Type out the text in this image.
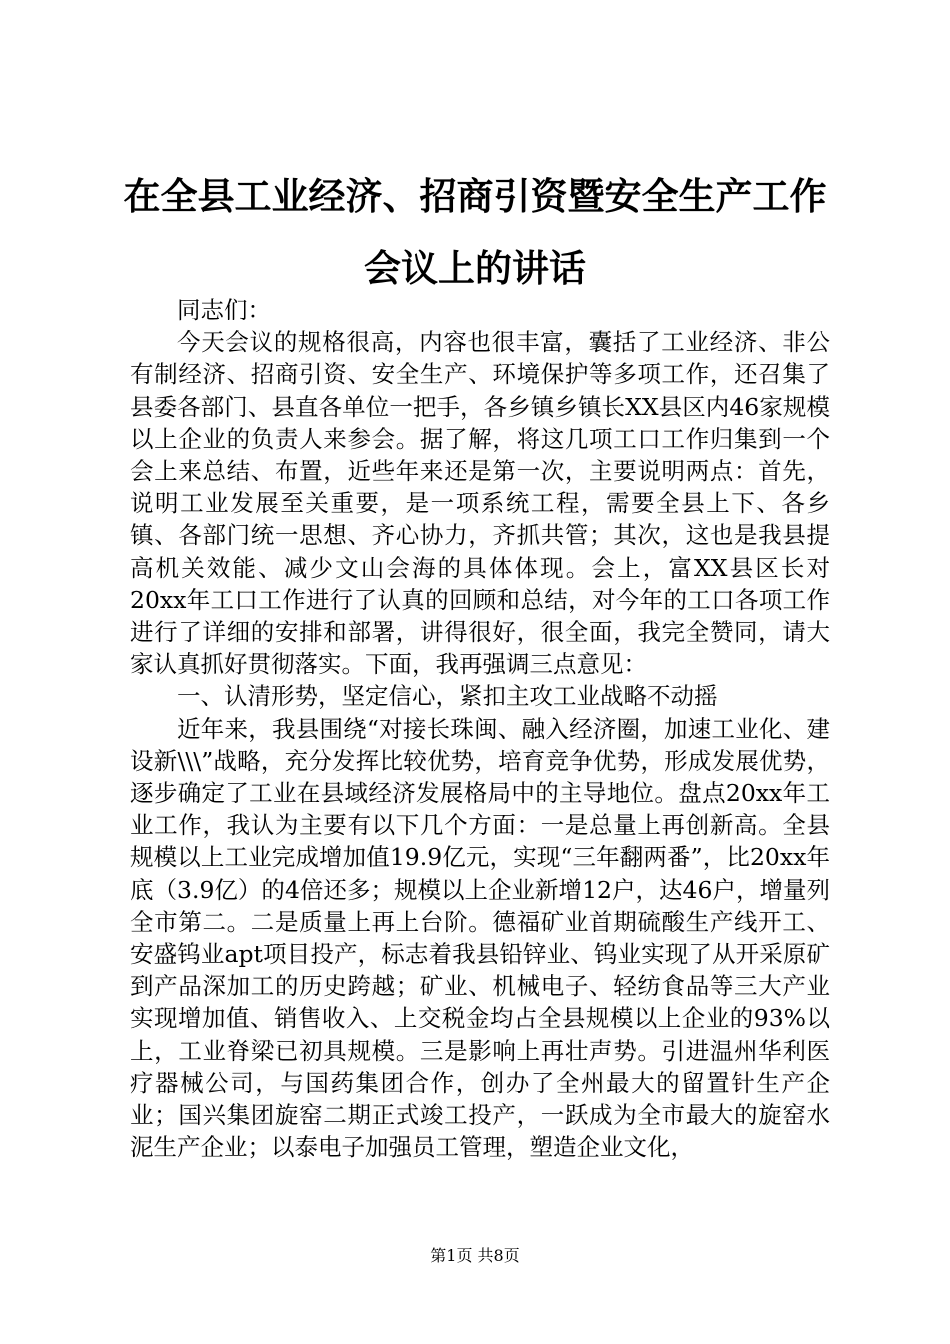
在全县工业经济、招商引资暨安全生产工作会议上的讲话

同志们：

今天会议的规格很高，内容也很丰富，囊括了工业经济、非公有制经济、招商引资、安全生产、环境保护等多项工作，还召集了县委各部门、县直各单位一把手，各乡镇乡镇长XX县区内46家规模以上企业的负责人来参会。据了解，将这几项工口工作归集到一个会上来总结、布置，近些年来还是第一次，主要说明两点：首先，说明工业发展至关重要，是一项系统工程，需要全县上下、各乡镇、各部门统一思想、齐心协力，齐抓共管；其次，这也是我县提高机关效能、减少文山会海的具体体现。会上，富XX县区长对20xx年工口工作进行了认真的回顾和总结，对今年的工口各项工作进行了详细的安排和部署，讲得很好，很全面，我完全赞同，请大家认真抓好贯彻落实。下面，我再强调三点意见：

一、认清形势，坚定信心，紧扣主攻工业战略不动摇

近年来，我县围绕“对接长珠闽、融入经济圈，加速工业化、建设新\\\”战略，充分发挥比较优势，培育竞争优势，形成发展优势，逐步确定了工业在县域经济发展格局中的主导地位。盘点20xx年工业工作，我认为主要有以下几个方面：一是总量上再创新高。全县规模以上工业完成增加值19.9亿元，实现“三年翻两番”，比20xx年底（3.9亿）的4倍还多；规模以上企业新增12户，达46户，增量列全市第二。二是质量上再上台阶。德福矿业首期硫酸生产线开工、安盛钨业apt项目投产，标志着我县铅锌业、钨业实现了从开采原矿到产品深加工的历史跨越；矿业、机械电子、轻纺食品等三大产业实现增加值、销售收入、上交税金均占全县规模以上企业的93%以上，工业脊梁已初具规模。三是影响上再壮声势。引进温州华利医疗器械公司，与国药集团合作，创办了全州最大的留置针生产企业；国兴集团旋窑二期正式竣工投产，一跃成为全市最大的旋窑水泥生产企业；以泰电子加强员工管理，塑造企业文化，

第1页 共8页
